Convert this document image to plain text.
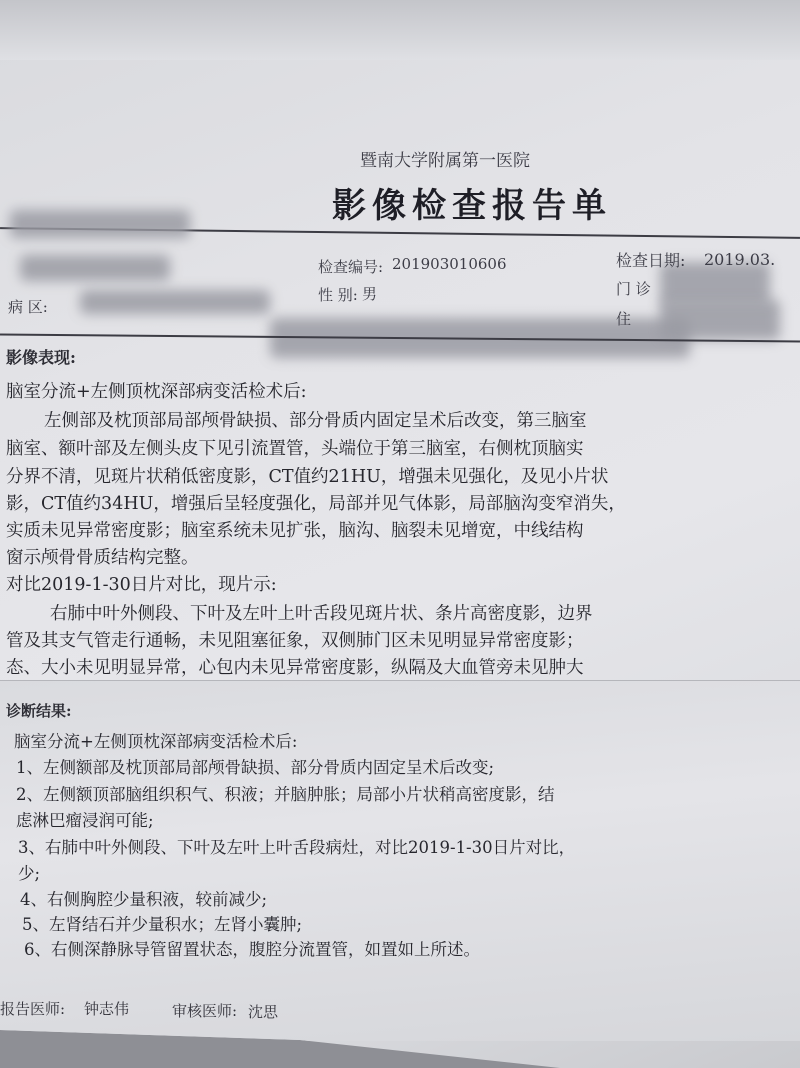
暨南大学附属第一医院
影像检查报告单
检查编号: 201903010606
性 别: 男
检查日期: 2019.03.
病 区:
门 诊
住
影像表现:
脑室分流+左侧顶枕深部病变活检术后:
左侧部及枕顶部局部颅骨缺损、部分骨质内固定呈术后改变，第三脑室
脑室、额叶部及左侧头皮下见引流置管，头端位于第三脑室，右侧枕顶脑实
分界不清，见斑片状稍低密度影，CT值约21HU，增强未见强化，及见小片状
影，CT值约34HU，增强后呈轻度强化，局部并见气体影，局部脑沟变窄消失，
实质未见异常密度影；脑室系统未见扩张，脑沟、脑裂未见增宽，中线结构
窗示颅骨骨质结构完整。
对比2019-1-30日片对比，现片示:
右肺中叶外侧段、下叶及左叶上叶舌段见斑片状、条片高密度影，边界
管及其支气管走行通畅，未见阻塞征象，双侧肺门区未见明显异常密度影；
态、大小未见明显异常，心包内未见异常密度影，纵隔及大血管旁未见肿大
诊断结果:
脑室分流+左侧顶枕深部病变活检术后:
1、左侧额部及枕顶部局部颅骨缺损、部分骨质内固定呈术后改变;
2、左侧额顶部脑组织积气、积液；并脑肿胀；局部小片状稍高密度影，结
虑淋巴瘤浸润可能;
3、右肺中叶外侧段、下叶及左叶上叶舌段病灶，对比2019-1-30日片对比，
少;
4、右侧胸腔少量积液，较前减少;
5、左肾结石并少量积水；左肾小囊肿;
6、右侧深静脉导管留置状态，腹腔分流置管，如置如上所述。
报告医师: 钟志伟	审核医师: 沈思
